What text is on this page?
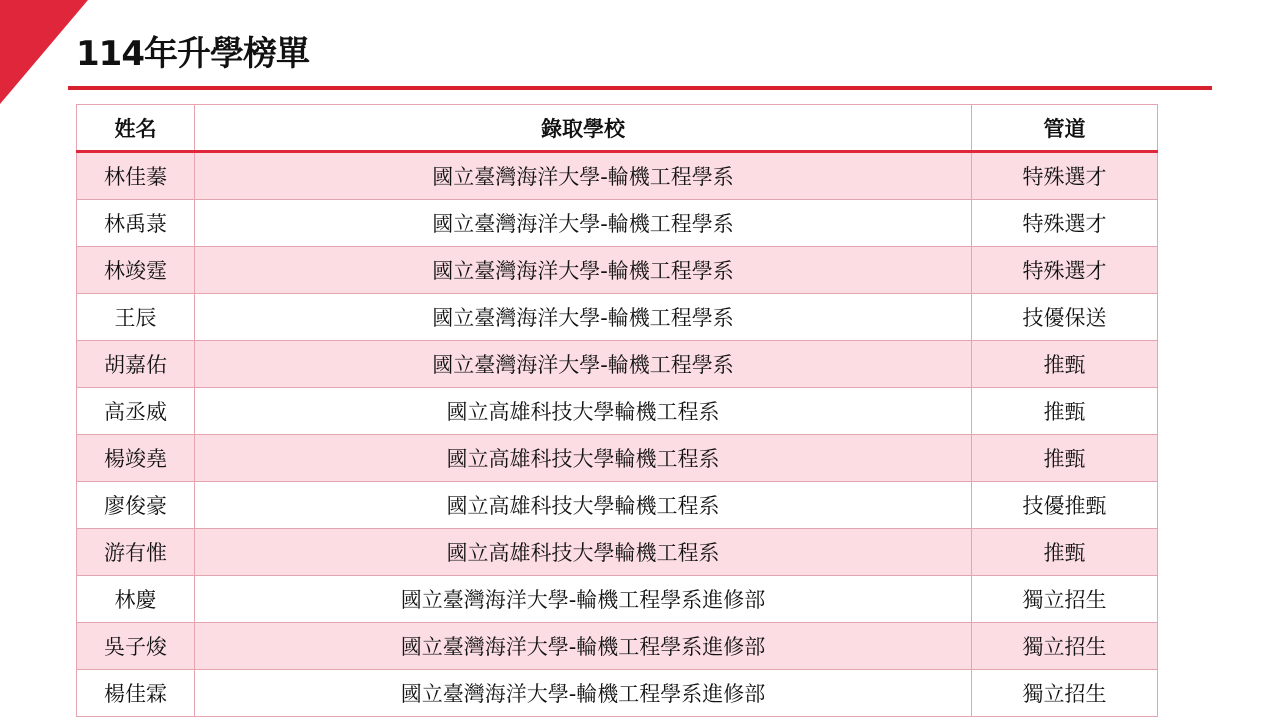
114年升學榜單
姓名	錄取學校	管道
林佳蓁	國立臺灣海洋大學-輪機工程學系	特殊選才
林禹菉	國立臺灣海洋大學-輪機工程學系	特殊選才
林竣霆	國立臺灣海洋大學-輪機工程學系	特殊選才
王辰	國立臺灣海洋大學-輪機工程學系	技優保送
胡嘉佑	國立臺灣海洋大學-輪機工程學系	推甄
高丞威	國立高雄科技大學輪機工程系	推甄
楊竣堯	國立高雄科技大學輪機工程系	推甄
廖俊豪	國立高雄科技大學輪機工程系	技優推甄
游有惟	國立高雄科技大學輪機工程系	推甄
林慶	國立臺灣海洋大學-輪機工程學系進修部	獨立招生
吳子焌	國立臺灣海洋大學-輪機工程學系進修部	獨立招生
楊佳霖	國立臺灣海洋大學-輪機工程學系進修部	獨立招生
